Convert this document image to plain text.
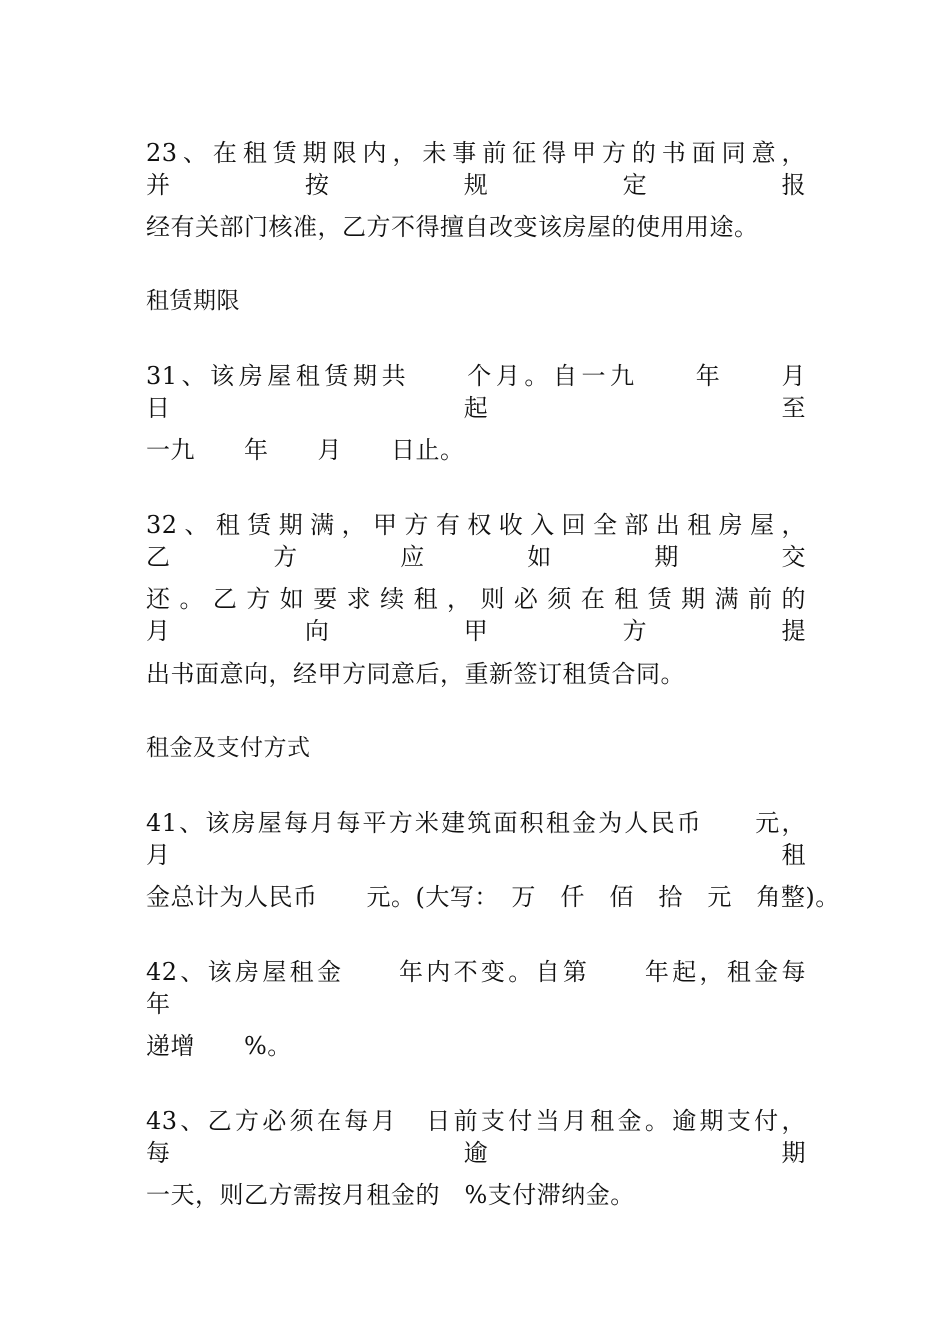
23、在租赁期限内，未事前征得甲方的书面同意，并按规定报
经有关部门核准，乙方不得擅自改变该房屋的使用用途。
租赁期限
31、该房屋租赁期共　　个月。自一九　　年　　月　　日起至
一九　　年　　月　　日止。
32、租赁期满，甲方有权收入回全部出租房屋，乙方应如期交
还。乙方如要求续租，则必须在租赁期满前的　　月向甲方提
出书面意向，经甲方同意后，重新签订租赁合同。
租金及支付方式
41、该房屋每月每平方米建筑面积租金为人民币　　元，月租
金总计为人民币　　元。(大写：　万　仟　佰　拾　元　角整)。
42、该房屋租金　　年内不变。自第　　年起，租金每　　年
递增　　%。
43、乙方必须在每月　日前支付当月租金。逾期支付，每逾期
一天，则乙方需按月租金的　%支付滞纳金。
